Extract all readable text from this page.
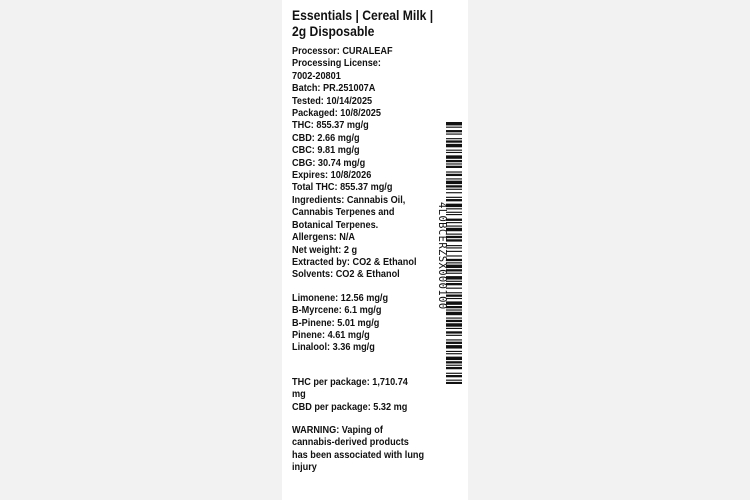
Essentials | Cereal Milk |
2g Disposable
Processor: CURALEAF
Processing License:
7002-20801
Batch: PR.251007A
Tested: 10/14/2025
Packaged: 10/8/2025
THC: 855.37 mg/g
CBD: 2.66 mg/g
CBC: 9.81 mg/g
CBG: 30.74 mg/g
Expires: 10/8/2026
Total THC: 855.37 mg/g
Ingredients: Cannabis Oil,
Cannabis Terpenes and
Botanical Terpenes.
Allergens: N/A
Net weight: 2 g
Extracted by: CO2 & Ethanol
Solvents: CO2 & Ethanol
Limonene: 12.56 mg/g
B-Myrcene: 6.1 mg/g
B-Pinene: 5.01 mg/g
Pinene: 4.61 mg/g
Linalool: 3.36 mg/g
THC per package: 1,710.74
mg
CBD per package: 5.32 mg
WARNING: Vaping of
cannabis-derived products
has been associated with lung
injury
4L0BCERZSX000100
